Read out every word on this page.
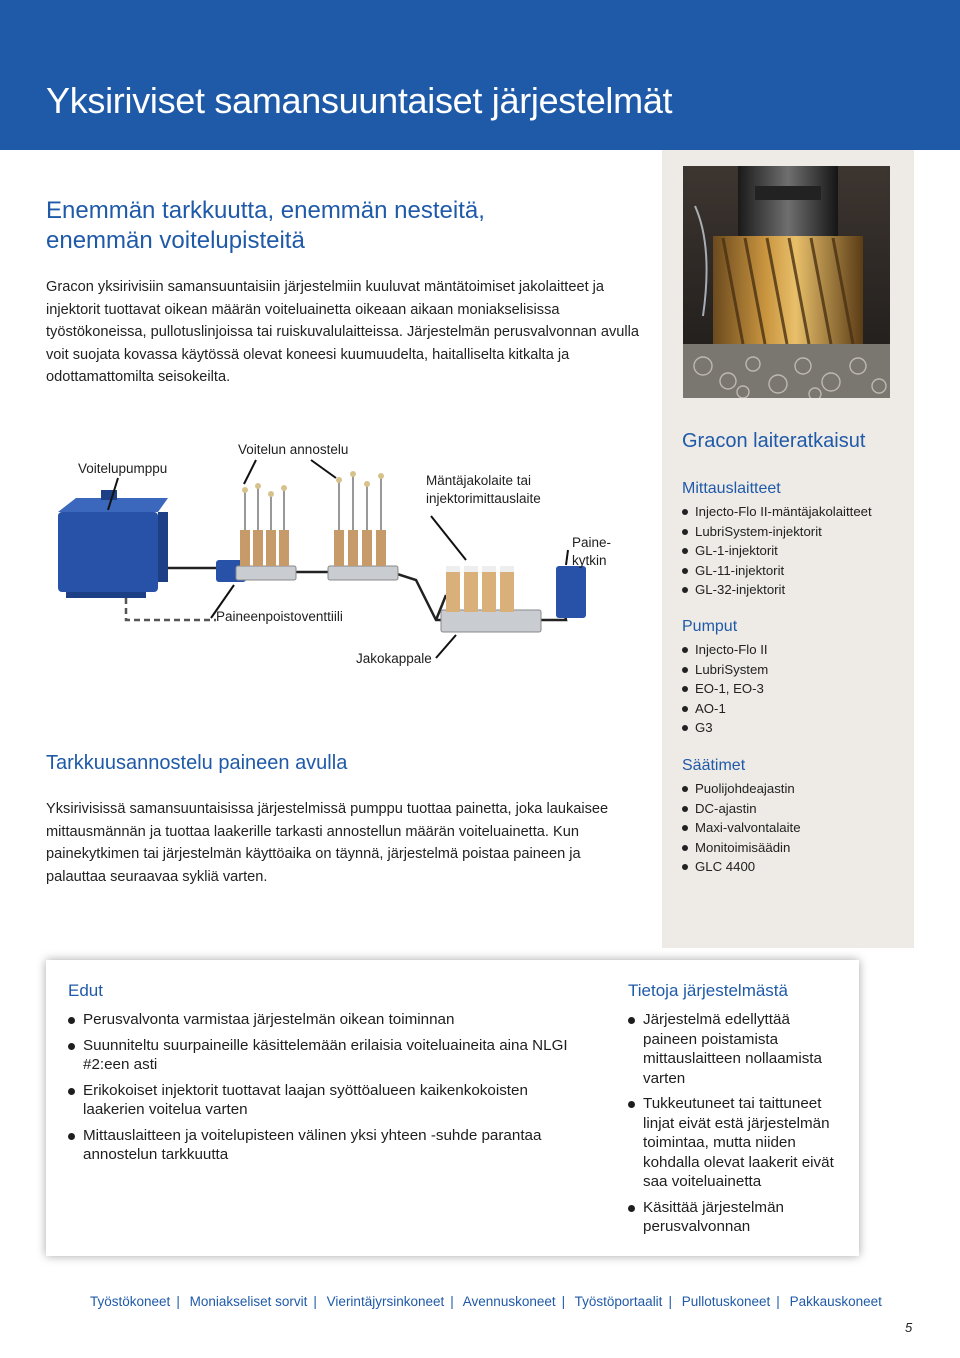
Yksiriviset samansuuntaiset järjestelmät
Enemmän tarkkuutta, enemmän nesteitä,
enemmän voitelupisteitä

Gracon yksirivisiin samansuuntaisiin järjestelmiin kuuluvat mäntätoimiset jakolaitteet ja injektorit tuottavat oikean määrän voiteluainetta oikeaan aikaan moniakselisissa työstökoneissa, pullotuslinjoissa tai ruiskuvalulaitteissa. Järjestelmän perusvalvonnan avulla voit suojata kovassa käytössä olevat koneesi kuumuudelta, haitalliselta kitkalta ja odottamattomilta seisokeilta.

Voitelupumppu
Voitelun annostelu
Mäntäjakolaite tai
injektorimittauslaite
Paine-
kytkin
Paineenpoistoventtiili
Jakokappale
Tarkkuusannostelu paineen avulla

Yksirivisissä samansuuntaisissa järjestelmissä pumppu tuottaa painetta, joka laukaisee mittausmännän ja tuottaa laakerille tarkasti annostellun määrän voiteluainetta. Kun painekytkimen tai järjestelmän käyttöaika on täynnä, järjestelmä poistaa paineen ja palauttaa seuraavaa sykliä varten.

Gracon laiteratkaisut
Mittauslaitteet
Injecto-Flo II-mäntäjakolaitteet
LubriSystem-injektorit
GL-1-injektorit
GL-11-injektorit
GL-32-injektorit
Pumput
Injecto-Flo II
LubriSystem
EO-1, EO-3
AO-1
G3
Säätimet
Puolijohdeajastin
DC-ajastin
Maxi-valvontalaite
Monitoimisäädin
GLC 4400
Edut
Perusvalvonta varmistaa järjestelmän oikean toiminnan
Suunniteltu suurpaineille käsittelemään erilaisia voiteluaineita aina NLGI #2:een asti
Erikokoiset injektorit tuottavat laajan syöttöalueen kaikenkokoisten laakerien voitelua varten
Mittauslaitteen ja voitelupisteen välinen yksi yhteen -suhde parantaa annostelun tarkkuutta
Tietoja järjestelmästä
Järjestelmä edellyttää paineen poistamista mittauslaitteen nollaamista varten
Tukkeutuneet tai taittuneet linjat eivät estä järjestelmän toimintaa, mutta niiden kohdalla olevat laakerit eivät saa voiteluainetta
Käsittää järjestelmän perusvalvonnan
Työstökoneet | Moniakseliset sorvit | Vierintäjyrsinkoneet | Avennuskoneet | Työstöportaalit | Pullotuskoneet | Pakkauskoneet
5
